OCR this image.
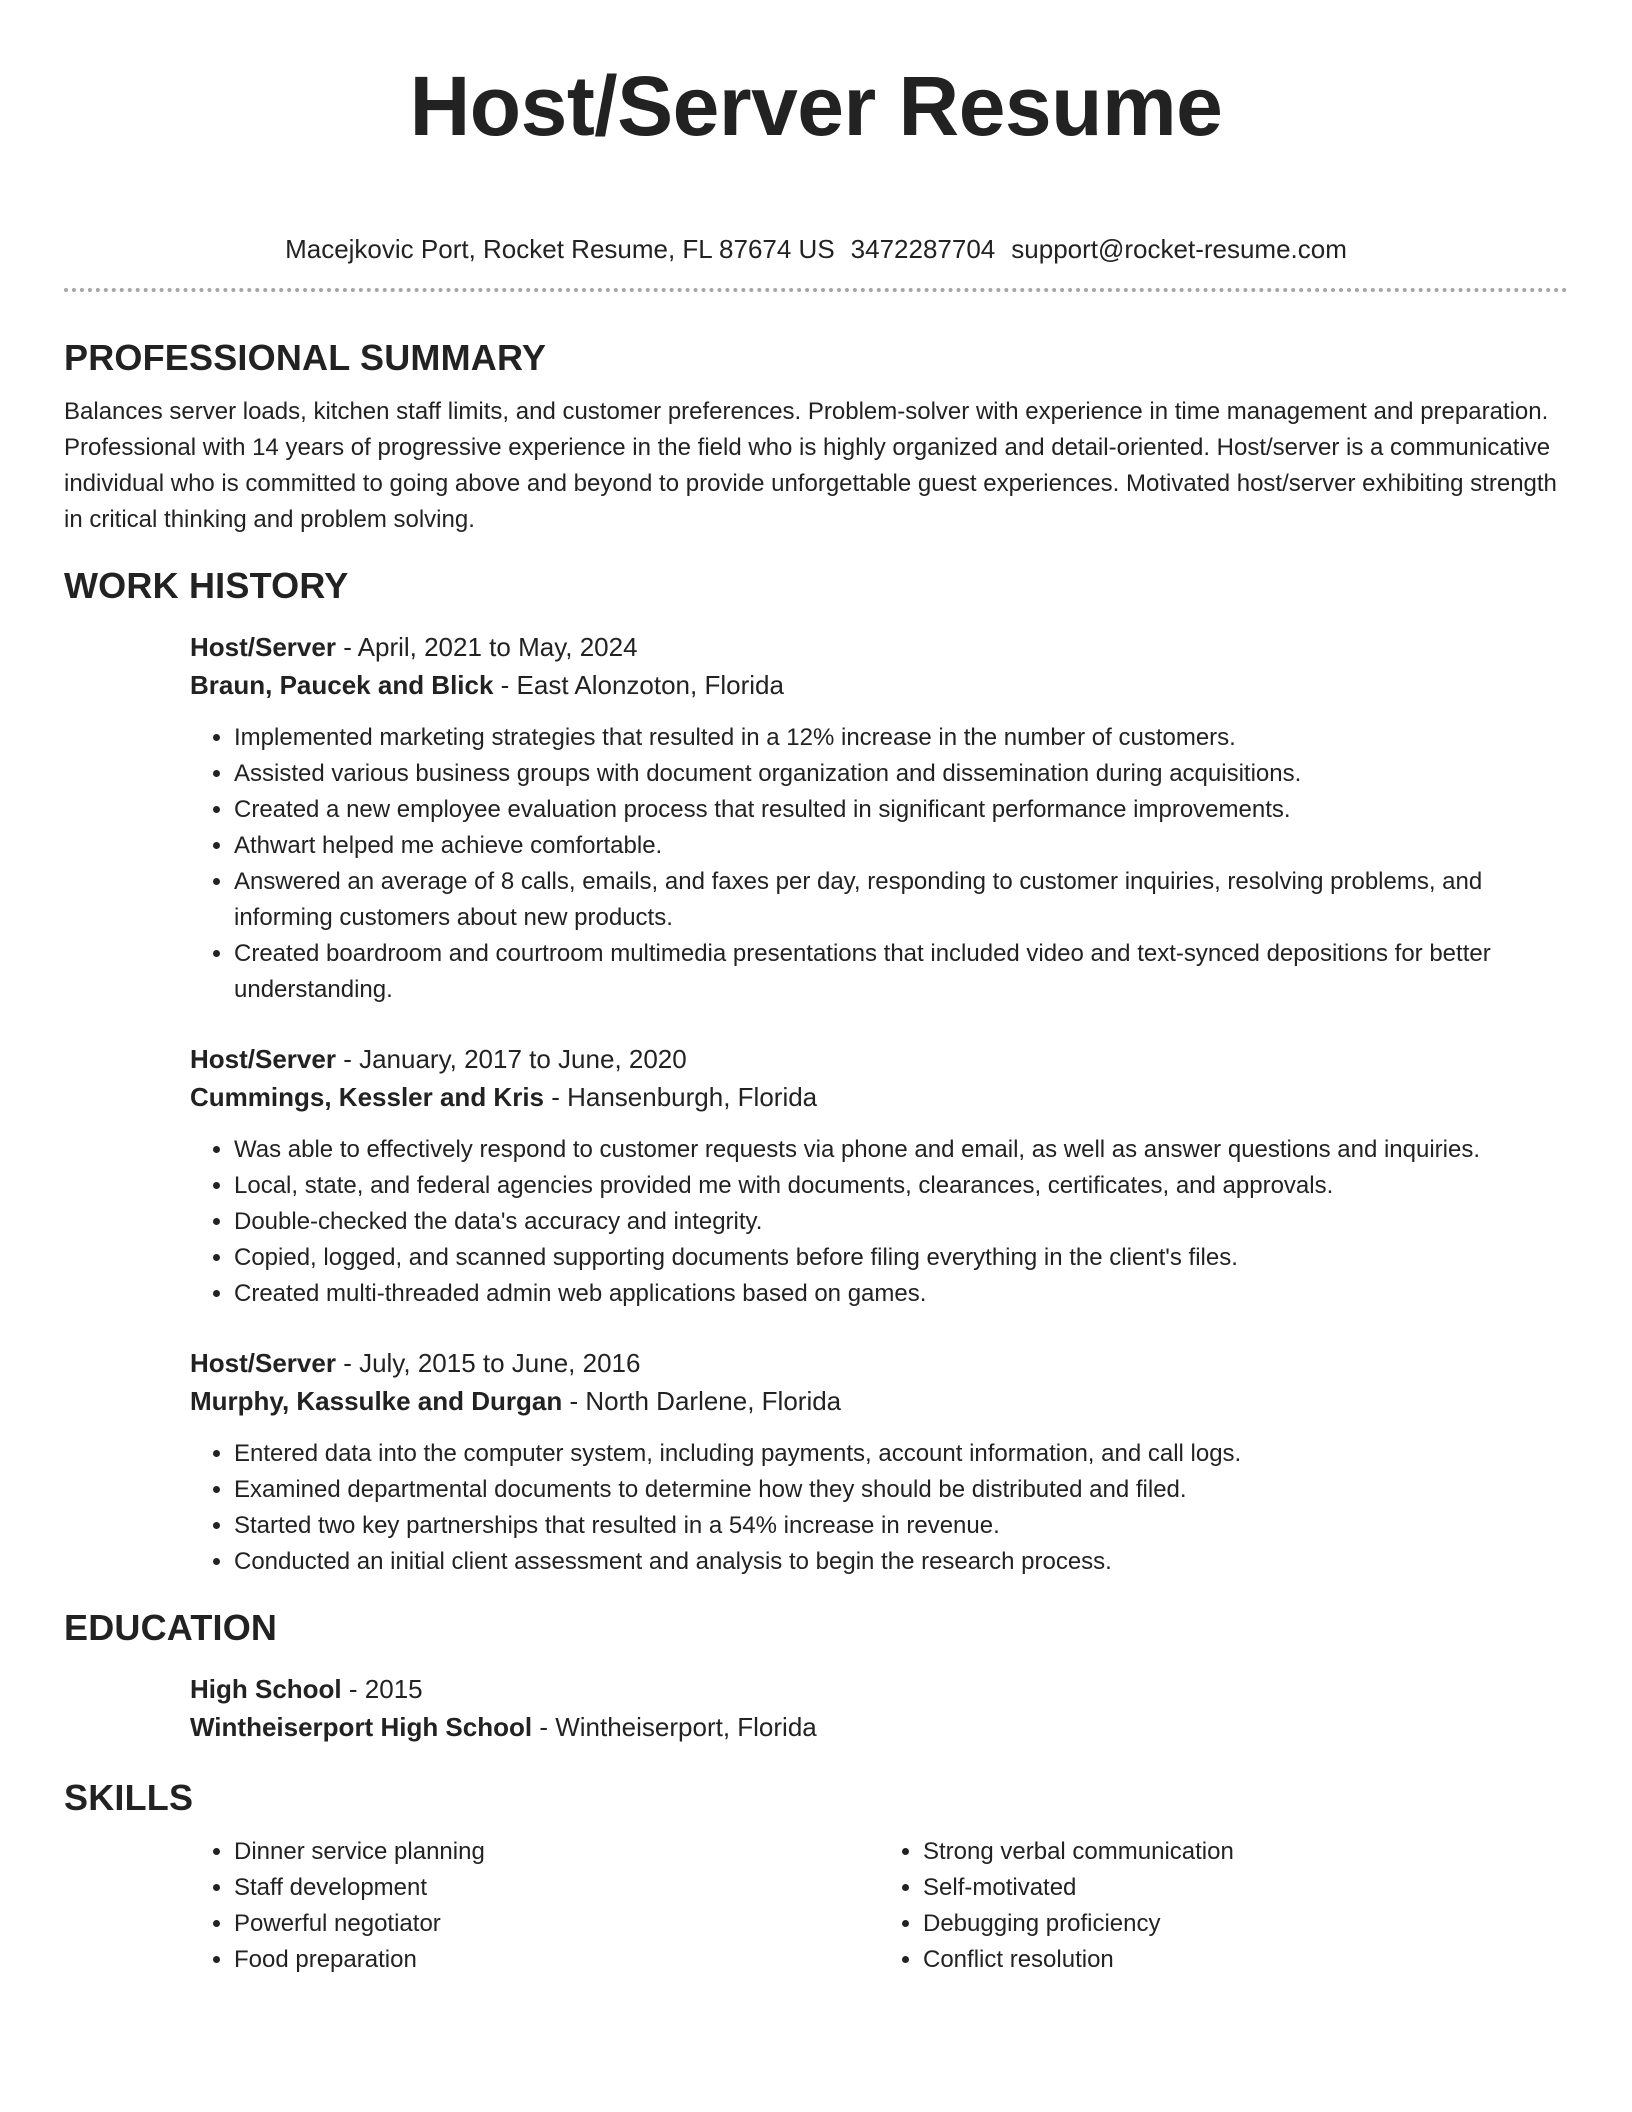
Host/Server Resume
Macejkovic Port, Rocket Resume, FL 87674 US 3472287704 support@rocket-resume.com
PROFESSIONAL SUMMARY

Balances server loads, kitchen staff limits, and customer preferences. Problem-solver with experience in time management and preparation. Professional with 14 years of progressive experience in the field who is highly organized and detail-oriented. Host/server is a communicative individual who is committed to going above and beyond to provide unforgettable guest experiences. Motivated host/server exhibiting strength in critical thinking and problem solving.

WORK HISTORY

Host/Server - April, 2021 to May, 2024

Braun, Paucek and Blick - East Alonzoton, Florida

• Implemented marketing strategies that resulted in a 12% increase in the number of customers.
• Assisted various business groups with document organization and dissemination during acquisitions.
• Created a new employee evaluation process that resulted in significant performance improvements.
• Athwart helped me achieve comfortable.
• Answered an average of 8 calls, emails, and faxes per day, responding to customer inquiries, resolving problems, and informing customers about new products.
• Created boardroom and courtroom multimedia presentations that included video and text-synced depositions for better understanding.

Host/Server - January, 2017 to June, 2020

Cummings, Kessler and Kris - Hansenburgh, Florida

• Was able to effectively respond to customer requests via phone and email, as well as answer questions and inquiries.
• Local, state, and federal agencies provided me with documents, clearances, certificates, and approvals.
• Double-checked the data's accuracy and integrity.
• Copied, logged, and scanned supporting documents before filing everything in the client's files.
• Created multi-threaded admin web applications based on games.

Host/Server - July, 2015 to June, 2016

Murphy, Kassulke and Durgan - North Darlene, Florida

• Entered data into the computer system, including payments, account information, and call logs.
• Examined departmental documents to determine how they should be distributed and filed.
• Started two key partnerships that resulted in a 54% increase in revenue.
• Conducted an initial client assessment and analysis to begin the research process.
EDUCATION

High School - 2015

Wintheiserport High School - Wintheiserport, Florida

SKILLS
• Dinner service planning
• Staff development
• Powerful negotiator
• Food preparation
• Strong verbal communication
• Self-motivated
• Debugging proficiency
• Conflict resolution
